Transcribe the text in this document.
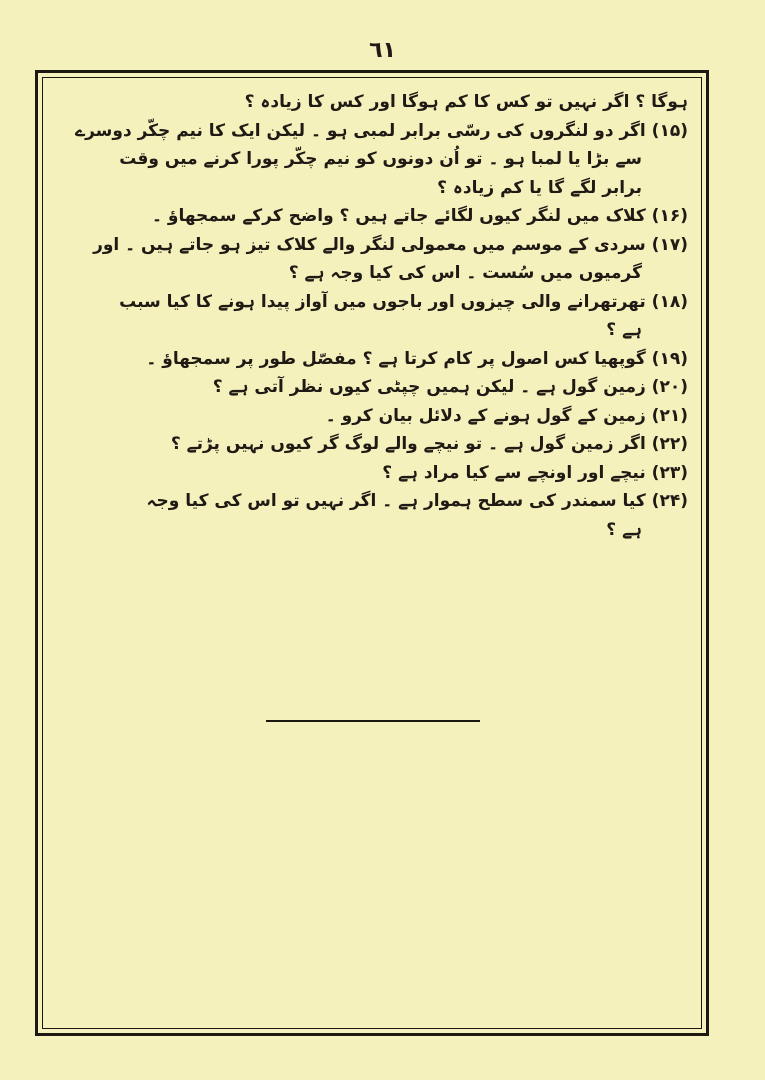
٦١
ہوگا ؟ اگر نہیں تو کس کا کم ہوگا اور کس کا زیادہ ؟
(۱۵) اگر دو لنگروں کی رسّی برابر لمبی ہو ۔ لیکن ایک کا نیم چکّر دوسرے
سے بڑا یا لمبا ہو ۔ تو اُن دونوں کو نیم چکّر پورا کرنے میں وقت
برابر لگے گا یا کم زیادہ ؟
(۱۶) کلاک میں لنگر کیوں لگائے جاتے ہیں ؟ واضح کرکے سمجھاؤ ۔
(۱۷) سردی کے موسم میں معمولی لنگر والے کلاک تیز ہو جاتے ہیں ۔ اور
گرمیوں میں سُست ۔ اس کی کیا وجہ ہے ؟
(۱۸) تھرتھرانے والی چیزوں اور باجوں میں آواز پیدا ہونے کا کیا سبب
ہے ؟
(۱۹) گوپھیا کس اصول پر کام کرتا ہے ؟ مفصّل طور پر سمجھاؤ ۔
(۲۰) زمین گول ہے ۔ لیکن ہمیں چپٹی کیوں نظر آتی ہے ؟
(۲۱) زمین کے گول ہونے کے دلائل بیان کرو ۔
(۲۲) اگر زمین گول ہے ۔ تو نیچے والے لوگ گر کیوں نہیں پڑتے ؟
(۲۳) نیچے اور اونچے سے کیا مراد ہے ؟
(۲۴) کیا سمندر کی سطح ہموار ہے ۔ اگر نہیں تو اس کی کیا وجہ
ہے ؟
